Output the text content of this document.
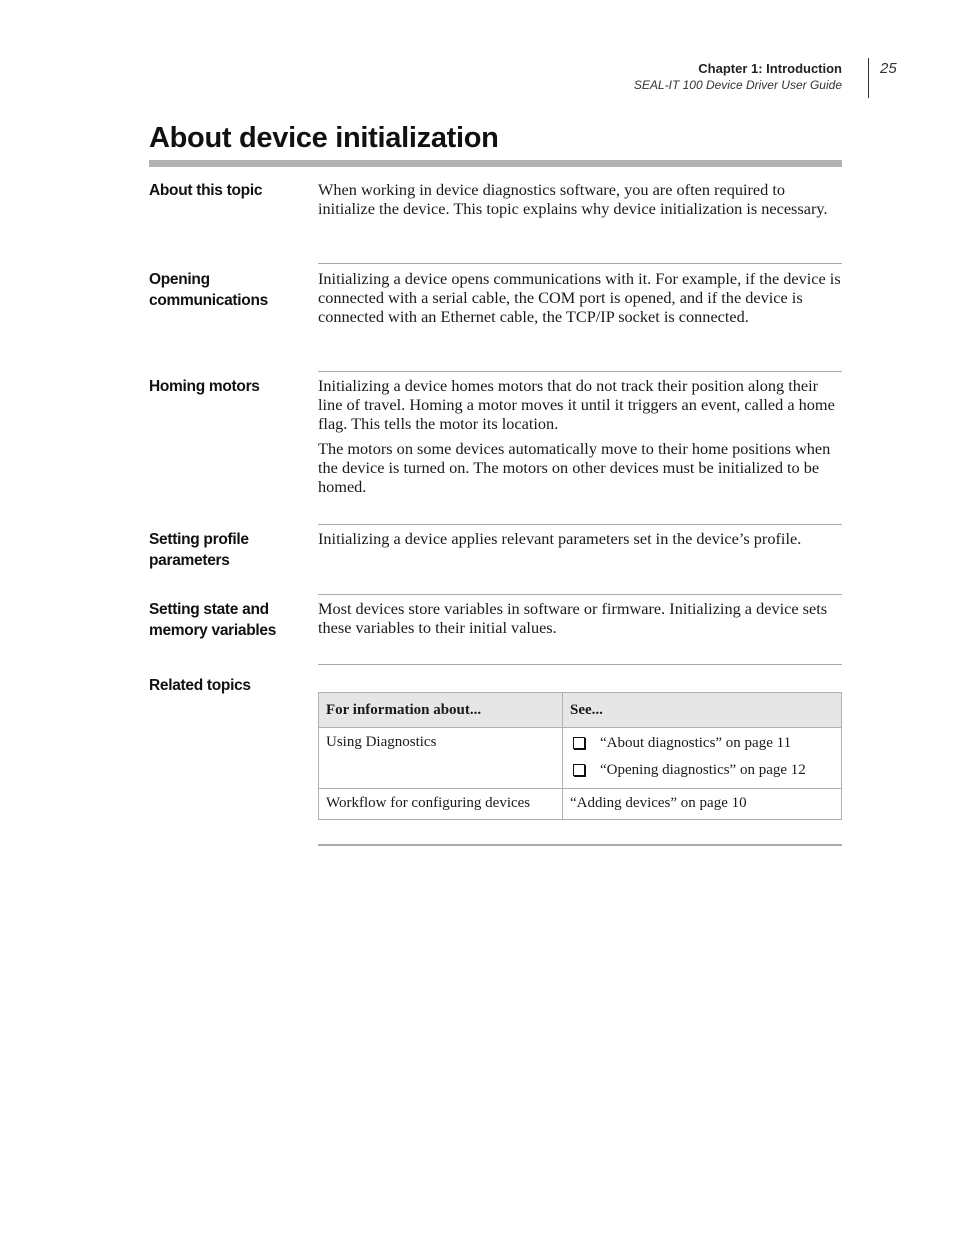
Chapter 1: Introduction
SEAL-IT 100 Device Driver User Guide
25
About device initialization
About this topic	When working in device diagnostics software, you are often required to initialize the device. This topic explains why device initialization is necessary.

Opening communications

Initializing a device opens communications with it. For example, if the device is connected with a serial cable, the COM port is opened, and if the device is connected with an Ethernet cable, the TCP/IP socket is connected.

Homing motors	Initializing a device homes motors that do not track their position along their line of travel. Homing a motor moves it until it triggers an event, called a home flag. This tells the motor its location.

The motors on some devices automatically move to their home positions when the device is turned on. The motors on other devices must be initialized to be homed.

Setting profile parameters

Initializing a device applies relevant parameters set in the device’s profile.

Setting state and memory variables

Most devices store variables in software or firmware. Initializing a device sets these variables to their initial values.

Related topics
For information about...	See...
Using Diagnostics	“About diagnostics” on page 11
“Opening diagnostics” on page 12

Workflow for configuring devices	“Adding devices” on page 10
